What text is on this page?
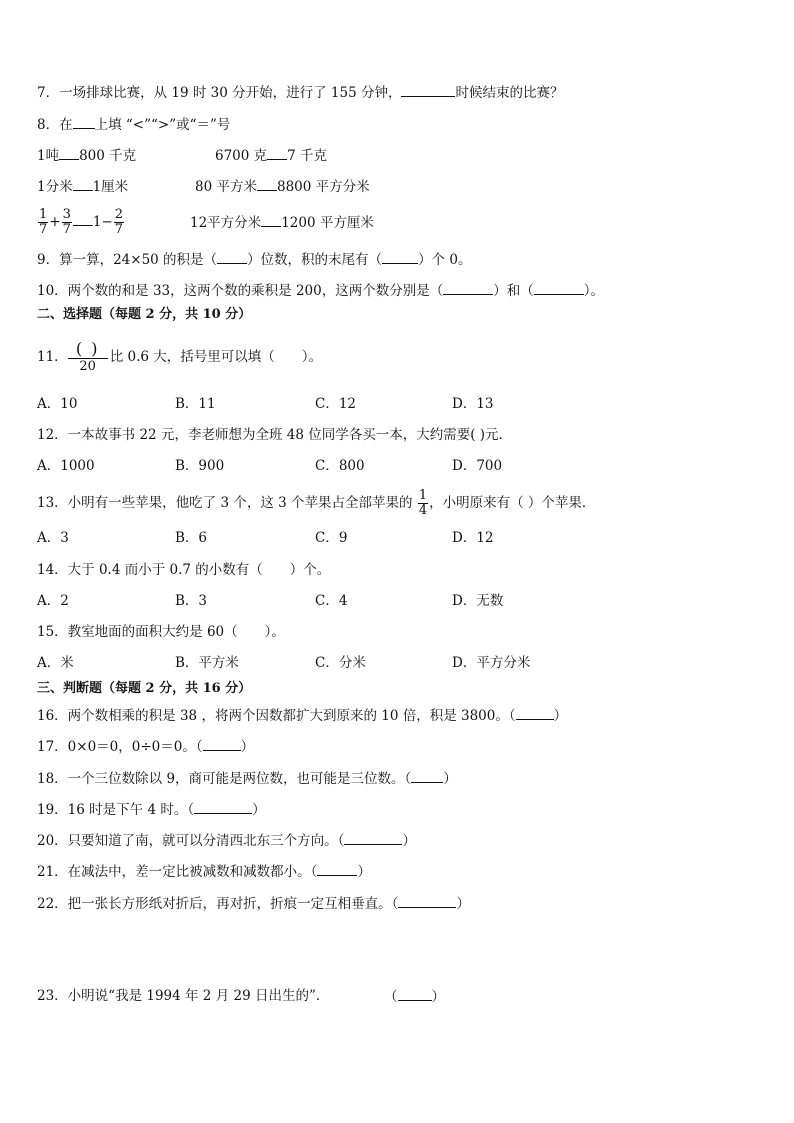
7．一场排球比赛，从 19 时 30 分开始，进行了 155 分钟，	时候结束的比赛？
8．在 上填 “<”“>”或“＝”号
1吨 800 千克	6700 克 7 千克
1分米 1厘米	80 平方米 8800 平方分米
$\frac{1}{7} + \frac{3}{7} 1- \frac{2}{7}$	12平方分米 1200 平方厘米
9．算一算，24×50 的积是（ ）位数，积的末尾有（	）个 0。
10．两个数的和是 33，这两个数的乘积是 200，这两个数分别是（	）和（	）。
二、选择题（每题 2 分，共 10 分）
11． $\frac{( )}{20}$ 比 0.6 大，括号里可以填（　　）。
A．10	B．11	C．12	D．13
12．一本故事书 22 元，李老师想为全班 48 位同学各买一本，大约需要( )元．
A．1000	B．900	C．800	D．700
13．小明有一些苹果，他吃了 3 个，这 3 个苹果占全部苹果的 $\frac{1}{4}$ ，小明原来有（ ）个苹果．
A．3	B．6	C．9	D．12
14．大于 0.4 而小于 0.7 的小数有（　　）个。
A．2	B．3	C．4	D．无数
15．教室地面的面积大约是 60（　　）。
A．米	B．平方米	C．分米	D．平方分米
三、判断题（每题 2 分，共 16 分）
16．两个数相乘的积是 38 ，将两个因数都扩大到原来的 10 倍，积是 3800。（	）
17．0×0＝0，0÷0＝0。（	）
18．一个三位数除以 9，商可能是两位数，也可能是三位数。（ ）
19．16 时是下午 4 时。（	）
20．只要知道了南，就可以分清西北东三个方向。（	）
21．在减法中，差一定比被减数和减数都小。（	）
22．把一张长方形纸对折后，再对折，折痕一定互相垂直。（	）
23．小明说“我是 1994 年 2 月 29 日出生的”．	（	）
